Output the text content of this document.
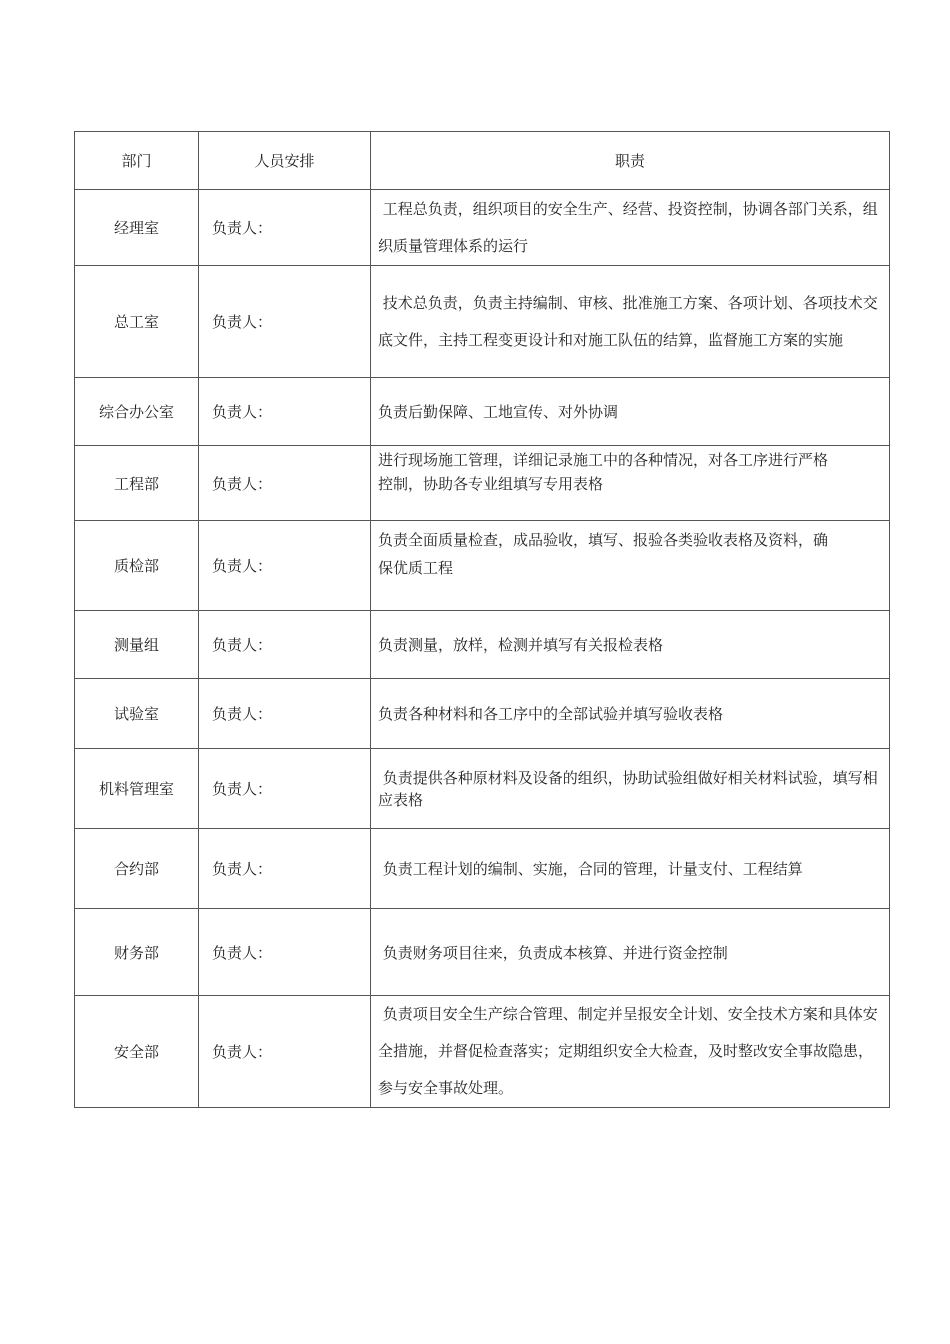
部门	人员安排	职责
经理室	负责人：	工程总负责，组织项目的安全生产、经营、投资控制，协调各部门关系，组织质量管理体系的运行

总工室	负责人：	技术总负责，负责主持编制、审核、批准施工方案、各项计划、各项技术交底文件，主持工程变更设计和对施工队伍的结算，监督施工方案的实施

综合办公室	负责人：	负责后勤保障、工地宣传、对外协调

工程部	负责人：	进行现场施工管理，详细记录施工中的各种情况，对各工序进行严格
控制，协助各专业组填写专用表格

质检部	负责人：	负责全面质量检查，成品验收，填写、报验各类验收表格及资料，确
保优质工程

测量组	负责人：	负责测量，放样，检测并填写有关报检表格

试验室	负责人：	负责各种材料和各工序中的全部试验并填写验收表格

机料管理室	负责人：	负责提供各种原材料及设备的组织，协助试验组做好相关材料试验，填写相应表格

合约部	负责人：	负责工程计划的编制、实施，合同的管理，计量支付、工程结算

财务部	负责人：	负责财务项目往来，负责成本核算、并进行资金控制

安全部	负责人：	负责项目安全生产综合管理、制定并呈报安全计划、安全技术方案和具体安全措施，并督促检查落实；定期组织安全大检查，及时整改安全事故隐患，参与安全事故处理。
